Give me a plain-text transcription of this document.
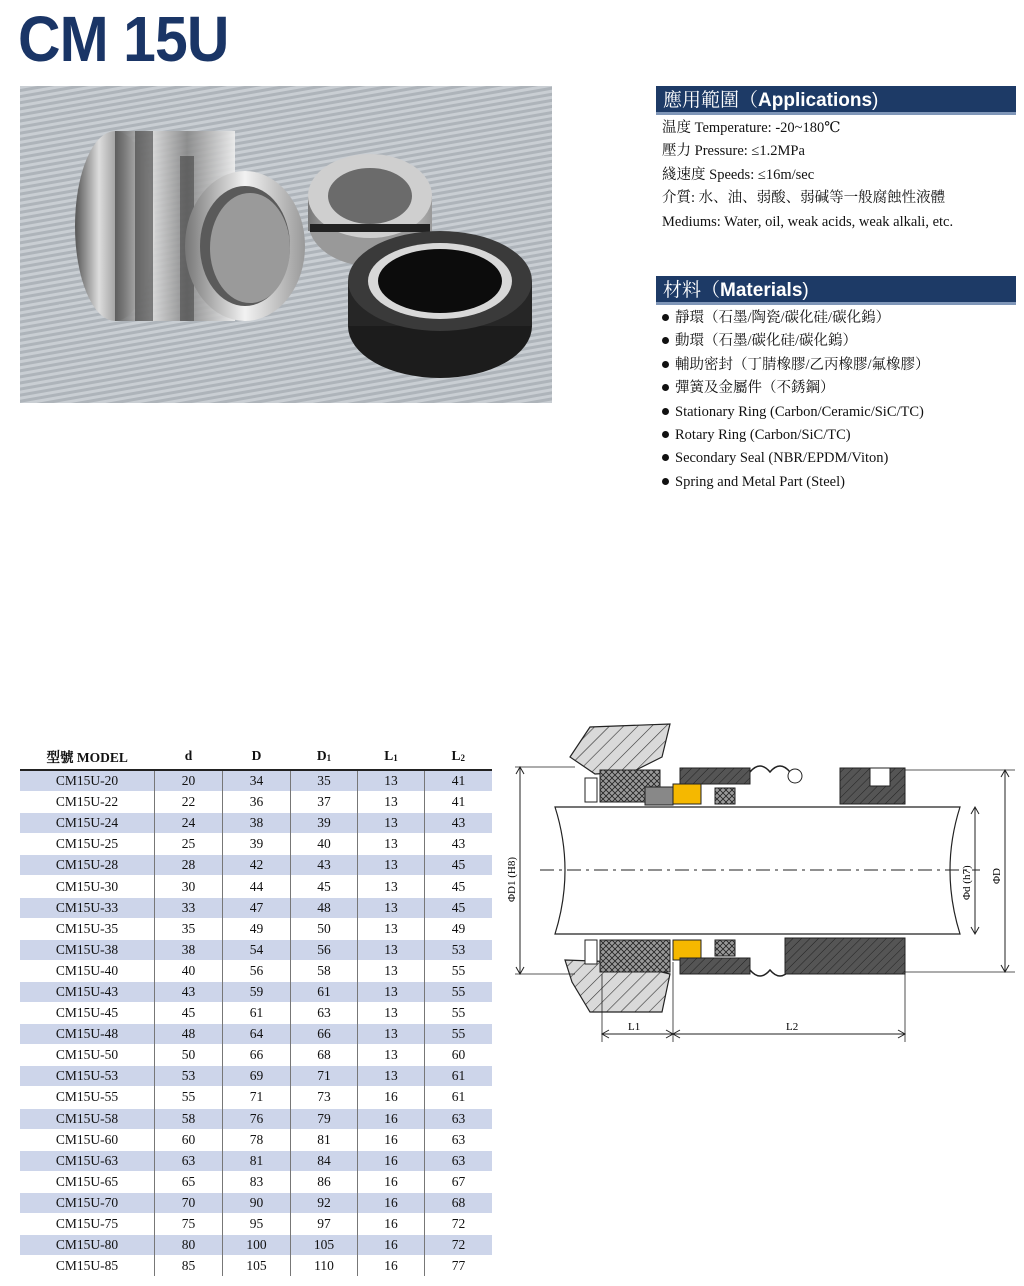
CM 15U
應用範圍（Applications)
温度 Temperature: -20~180℃
壓力 Pressure: ≤1.2MPa
綫速度 Speeds: ≤16m/sec
介質: 水、油、弱酸、弱碱等一般腐蝕性液體
Mediums: Water, oil, weak acids, weak alkali, etc.
材料（Materials)
靜環（石墨/陶瓷/碳化硅/碳化鎢）
動環（石墨/碳化硅/碳化鎢）
輔助密封（丁腈橡膠/乙丙橡膠/氟橡膠）
彈簧及金屬件（不銹鋼）
Stationary Ring (Carbon/Ceramic/SiC/TC)
Rotary Ring (Carbon/SiC/TC)
Secondary Seal (NBR/EPDM/Viton)
Spring and Metal Part (Steel)
型號 MODEL	d	D	$D_1$	$L_1$	$L_2$
CM15U-20	20	34	35	13	41
CM15U-22	22	36	37	13	41
CM15U-24	24	38	39	13	43
CM15U-25	25	39	40	13	43
CM15U-28	28	42	43	13	45
CM15U-30	30	44	45	13	45
CM15U-33	33	47	48	13	45
CM15U-35	35	49	50	13	49
CM15U-38	38	54	56	13	53
CM15U-40	40	56	58	13	55
CM15U-43	43	59	61	13	55
CM15U-45	45	61	63	13	55
CM15U-48	48	64	66	13	55
CM15U-50	50	66	68	13	60
CM15U-53	53	69	71	13	61
CM15U-55	55	71	73	16	61
CM15U-58	58	76	79	16	63
CM15U-60	60	78	81	16	63
CM15U-63	63	81	84	16	63
CM15U-65	65	83	86	16	67
CM15U-70	70	90	92	16	68
CM15U-75	75	95	97	16	72
CM15U-80	80	100	105	16	72
CM15U-85	85	105	110	16	77
ΦD1 (H8)	Φd (h7) ΦD
L1	L2
